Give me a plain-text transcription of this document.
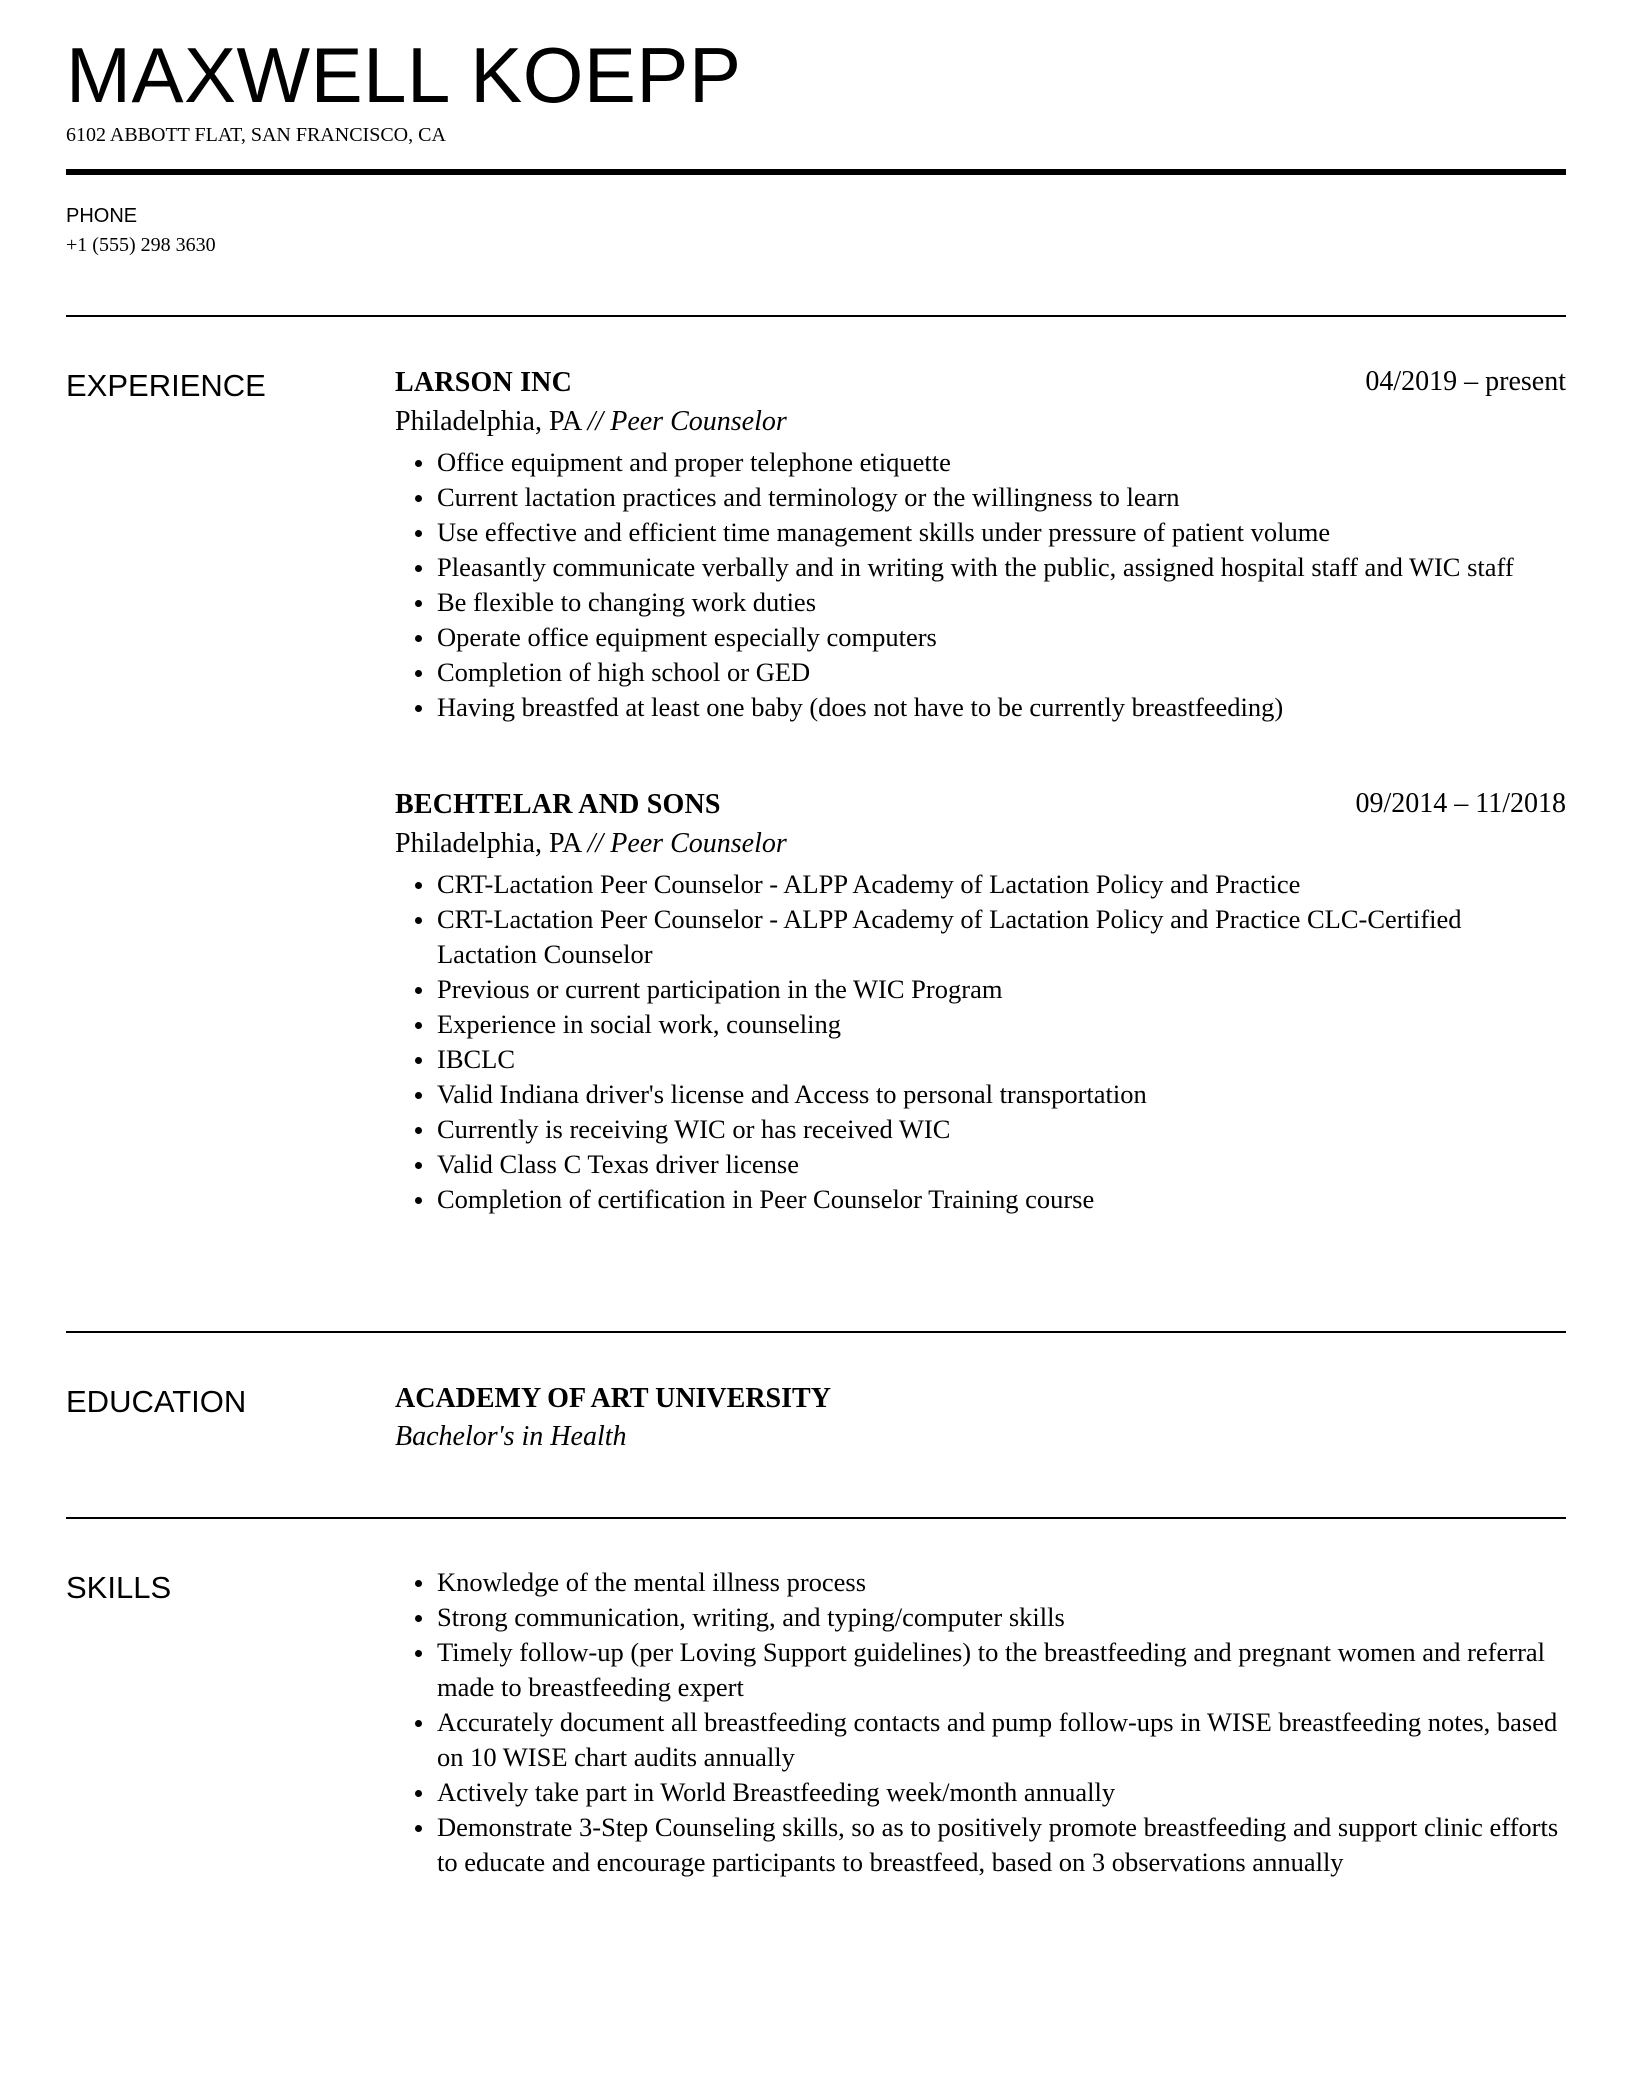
MAXWELL KOEPP
6102 ABBOTT FLAT, SAN FRANCISCO, CA
PHONE
+1 (555) 298 3630
EXPERIENCE	LARSON INC	04/2019 – present
Philadelphia, PA // Peer Counselor
Office equipment and proper telephone etiquette
Current lactation practices and terminology or the willingness to learn
Use effective and efficient time management skills under pressure of patient volume
Pleasantly communicate verbally and in writing with the public, assigned hospital staff and WIC staff
Be flexible to changing work duties
Operate office equipment especially computers
Completion of high school or GED
Having breastfed at least one baby (does not have to be currently breastfeeding)
BECHTELAR AND SONS	09/2014 – 11/2018
Philadelphia, PA // Peer Counselor
CRT-Lactation Peer Counselor - ALPP Academy of Lactation Policy and Practice
CRT-Lactation Peer Counselor - ALPP Academy of Lactation Policy and Practice CLC-Certified Lactation Counselor
Previous or current participation in the WIC Program
Experience in social work, counseling
IBCLC
Valid Indiana driver's license and Access to personal transportation
Currently is receiving WIC or has received WIC
Valid Class C Texas driver license
Completion of certification in Peer Counselor Training course
EDUCATION	ACADEMY OF ART UNIVERSITY
Bachelor's in Health
SKILLS	Knowledge of the mental illness process
Strong communication, writing, and typing/computer skills
Timely follow-up (per Loving Support guidelines) to the breastfeeding and pregnant women and referral made to breastfeeding expert
Accurately document all breastfeeding contacts and pump follow-ups in WISE breastfeeding notes, based on 10 WISE chart audits annually
Actively take part in World Breastfeeding week/month annually
Demonstrate 3-Step Counseling skills, so as to positively promote breastfeeding and support clinic efforts to educate and encourage participants to breastfeed, based on 3 observations annually
